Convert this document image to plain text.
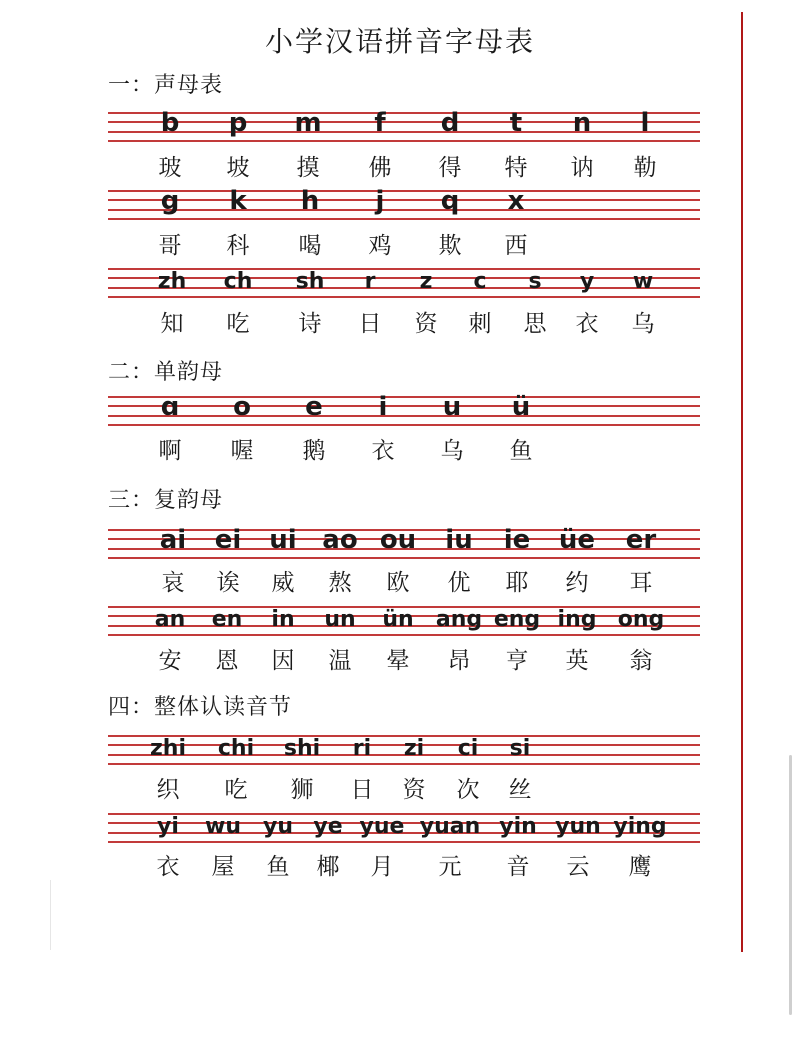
小学汉语拼音字母表
一：声母表
b p m f d t n l
玻 坡 摸 佛 得 特 讷 勒
g k h j q x
哥 科 喝 鸡 欺 西
zh ch sh r z c s y w
知 吃 诗 日 资 刺 思 衣 乌
二：单韵母
ɑ o e i u ü
啊 喔 鹅 衣 乌 鱼
三：复韵母
ai ei ui ao ou iu ie üe er
哀 诶 威 熬 欧 优 耶 约 耳
an en in un ün ang eng ing ong
安 恩 因 温 晕 昂 亨 英 翁
四：整体认读音节
zhi chi shi ri zi ci si
织 吃 狮 日 资 次 丝
yi wu yu ye yue yuan yin yun ying
衣 屋 鱼 椰 月 元 音 云 鹰
